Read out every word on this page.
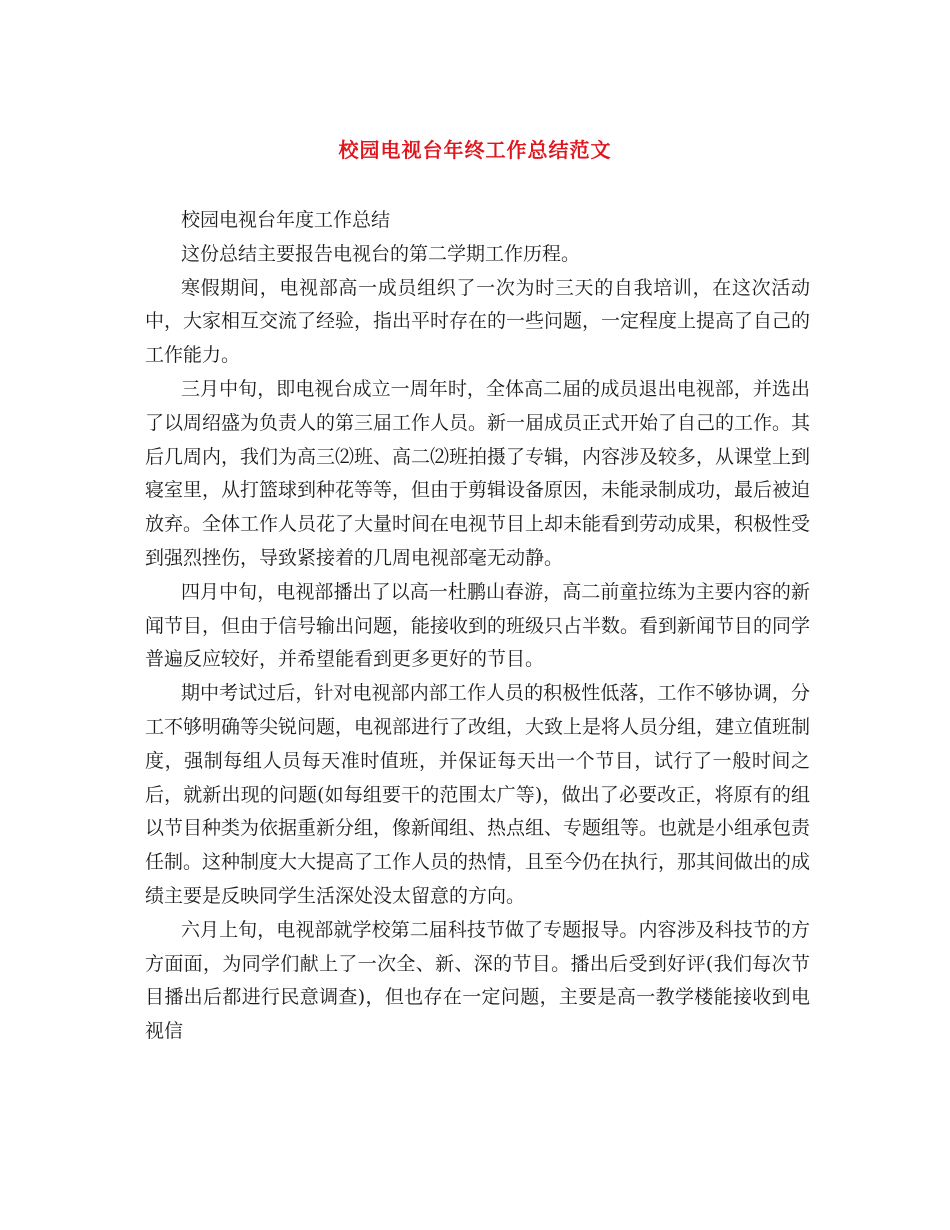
校园电视台年终工作总结范文

校园电视台年度工作总结

这份总结主要报告电视台的第二学期工作历程。

寒假期间，电视部高一成员组织了一次为时三天的自我培训，在这次活动中，大家相互交流了经验，指出平时存在的一些问题，一定程度上提高了自己的工作能力。

三月中旬，即电视台成立一周年时，全体高二届的成员退出电视部，并选出了以周绍盛为负责人的第三届工作人员。新一届成员正式开始了自己的工作。其后几周内，我们为高三⑵班、高二⑵班拍摄了专辑，内容涉及较多，从课堂上到寝室里，从打篮球到种花等等，但由于剪辑设备原因，未能录制成功，最后被迫放弃。全体工作人员花了大量时间在电视节目上却未能看到劳动成果，积极性受到强烈挫伤，导致紧接着的几周电视部毫无动静。

四月中旬，电视部播出了以高一杜鹏山春游，高二前童拉练为主要内容的新闻节目，但由于信号输出问题，能接收到的班级只占半数。看到新闻节目的同学普遍反应较好，并希望能看到更多更好的节目。

期中考试过后，针对电视部内部工作人员的积极性低落，工作不够协调，分工不够明确等尖锐问题，电视部进行了改组，大致上是将人员分组，建立值班制度，强制每组人员每天准时值班，并保证每天出一个节目，试行了一般时间之后，就新出现的问题(如每组要干的范围太广等)，做出了必要改正，将原有的组以节目种类为依据重新分组，像新闻组、热点组、专题组等。也就是小组承包责任制。这种制度大大提高了工作人员的热情，且至今仍在执行，那其间做出的成绩主要是反映同学生活深处没太留意的方向。

六月上旬，电视部就学校第二届科技节做了专题报导。内容涉及科技节的方方面面，为同学们献上了一次全、新、深的节目。播出后受到好评(我们每次节目播出后都进行民意调查)，但也存在一定问题，主要是高一教学楼能接收到电视信
